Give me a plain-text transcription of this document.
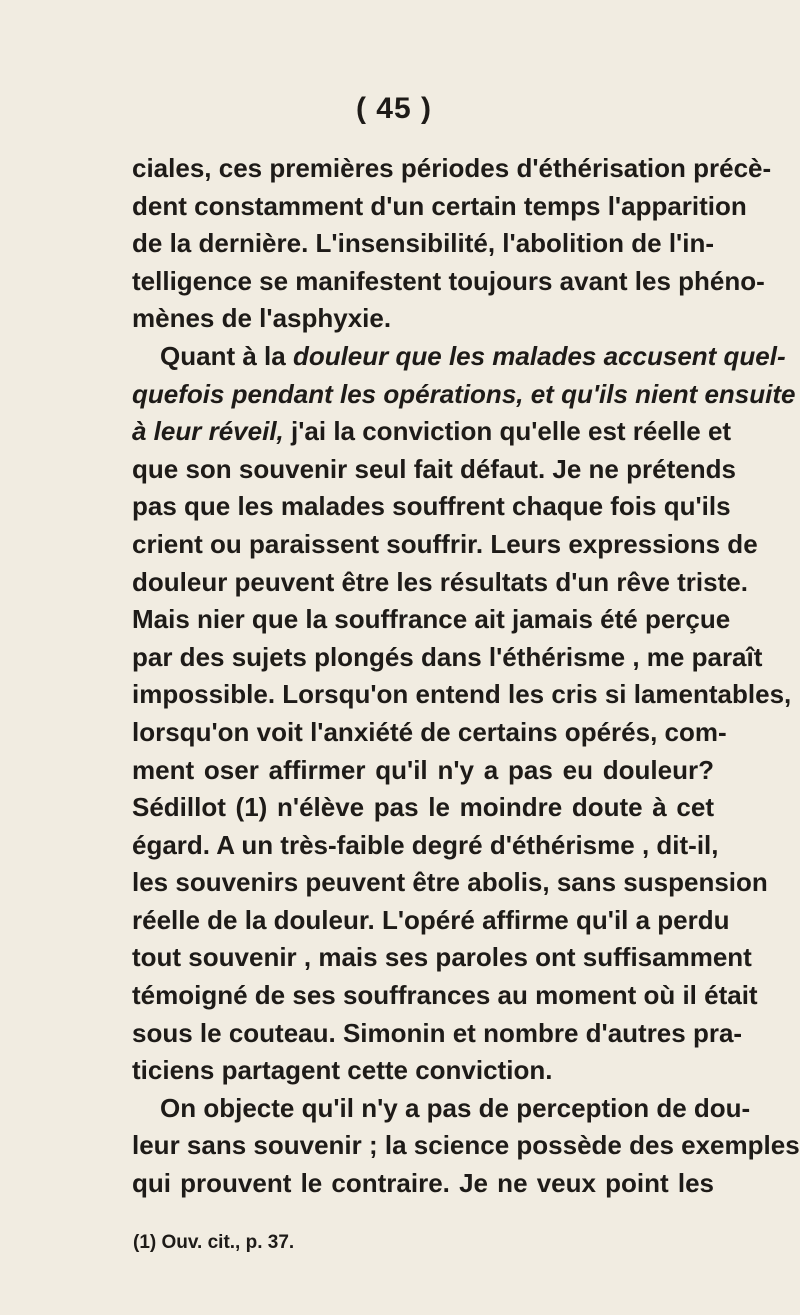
( 45 )
ciales, ces premières périodes d'éthérisation précè-
dent constamment d'un certain temps l'apparition
de la dernière. L'insensibilité, l'abolition de l'in-
telligence se manifestent toujours avant les phéno-
mènes de l'asphyxie.
Quant à la douleur que les malades accusent quel-
quefois pendant les opérations, et qu'ils nient ensuite
à leur réveil, j'ai la conviction qu'elle est réelle et
que son souvenir seul fait défaut. Je ne prétends
pas que les malades souffrent chaque fois qu'ils
crient ou paraissent souffrir. Leurs expressions de
douleur peuvent être les résultats d'un rêve triste.
Mais nier que la souffrance ait jamais été perçue
par des sujets plongés dans l'éthérisme , me paraît
impossible. Lorsqu'on entend les cris si lamentables,
lorsqu'on voit l'anxiété de certains opérés, com-
ment oser affirmer qu'il n'y a pas eu douleur?
Sédillot (1) n'élève pas le moindre doute à cet
égard. A un très-faible degré d'éthérisme , dit-il,
les souvenirs peuvent être abolis, sans suspension
réelle de la douleur. L'opéré affirme qu'il a perdu
tout souvenir , mais ses paroles ont suffisamment
témoigné de ses souffrances au moment où il était
sous le couteau. Simonin et nombre d'autres pra-
ticiens partagent cette conviction.
On objecte qu'il n'y a pas de perception de dou-
leur sans souvenir ; la science possède des exemples
qui prouvent le contraire. Je ne veux point les
(1) Ouv. cit., p. 37.
